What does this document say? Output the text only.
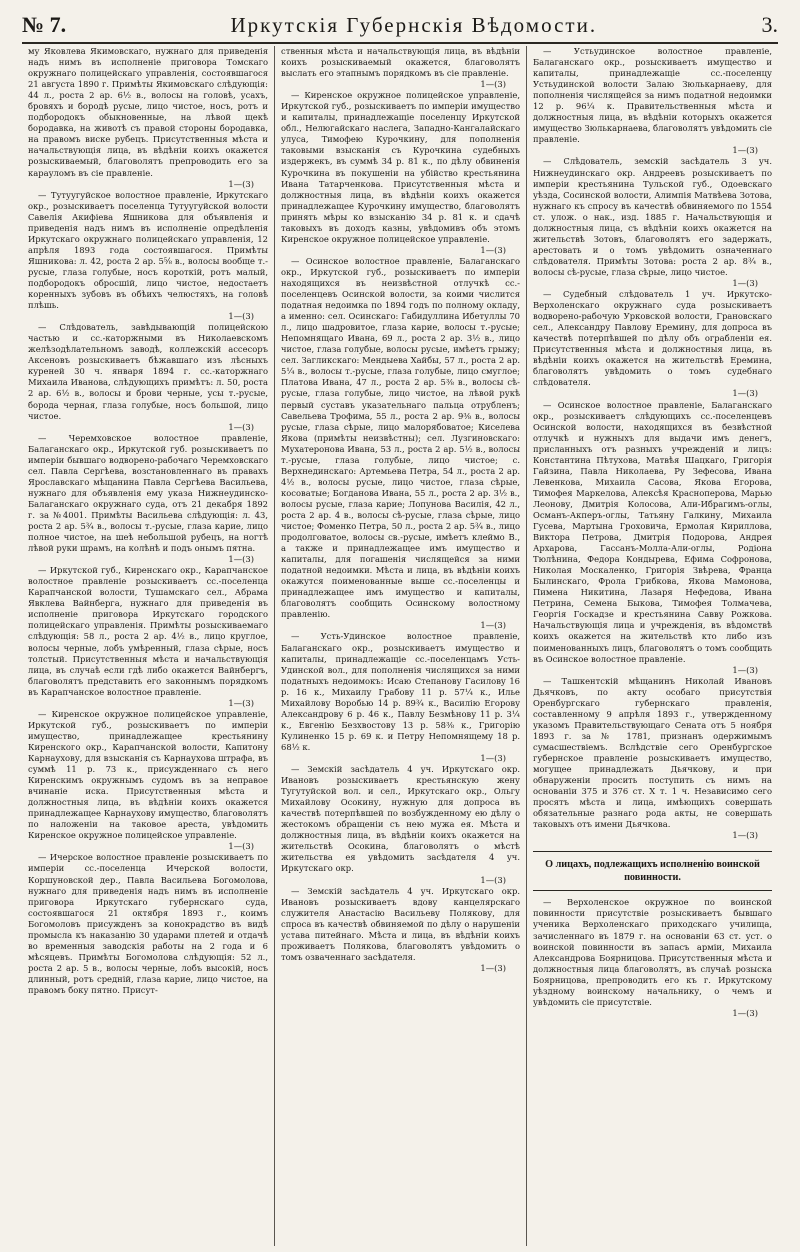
№ 7.	Иркутскія Губернскія Вѣдомости.	3.

му Яковлева Якимовскаго, нужнаго для приведенія надъ нимъ въ исполненіе приговора Томскаго окружнаго полицейскаго управленія, состоявшагося 21 августа 1890 г. Примѣты Якимовскаго слѣдующія: 44 л., роста 2 ар. 6½ в., волосы на головѣ, усахъ, бровяхъ и бородѣ русые, лицо чистое, носъ, ротъ и подбородокъ обыкновенные, на лѣвой щекѣ бородавка, на животѣ съ правой стороны бородавка, на правомъ виске рубецъ. Присутственныя мѣста и начальствующія лица, въ вѣдѣніи коихъ окажется розыскиваемый, благоволятъ препроводить его за карауломъ въ сіе правленіе.

1—(3)

— Тутуугуйское волостное правленіе, Иркутскаго окр., розыскиваетъ поселенца Тутуугуйской волости Савелія Акифіева Яшникова для объявленія и приведенія надъ нимъ въ исполненіе опредѣленія Иркутскаго окружнаго полицейскаго управленія, 12 апрѣля 1893 года состоявшагося. Примѣты Яшникова: л. 42, роста 2 ар. 5⅝ в., волосы вообще т.-русые, глаза голубые, носъ короткій, ротъ малый, подбородокъ обросшій, лицо чистое, недостаетъ коренныхъ зубовъ въ обѣихъ челюстяхъ, на головѣ плѣшь.

1—(3)

— Слѣдователь, завѣдывающій полицейскою частью и сс.-каторжными въ Николаевскомъ желѣзодѣлательномъ заводѣ, коллежскій ассесоръ Аксеновъ розыскиваетъ бѣжавшаго изъ лѣсныхъ куреней 30 ч. января 1894 г. сс.-каторжнаго Михаила Иванова, слѣдующихъ примѣтъ: л. 50, роста 2 ар. 6½ в., волосы и брови черные, усы т.-русые, борода черная, глаза голубые, носъ большой, лицо чистое.

1—(3)

— Черемховское волостное правленіе, Балаганскаго окр., Иркутской губ. розыскиваетъ по имперіи бывшаго водворено-рабочаго Черемховскаго сел. Павла Сергѣева, возстановленнаго въ правахъ Ярославскаго мѣщанина Павла Сергѣева Васильева, нужнаго для объявленія ему указа Нижнеудинско-Балаганскаго окружнаго суда, отъ 21 декабря 1892 г. за №4001. Примѣты Васильева слѣдующія: л. 43, роста 2 ар. 5¾ в., волосы т.-русые, глаза карие, лицо полное чистое, на шеѣ небольшой рубецъ, на ногтѣ лѣвой руки шрамъ, на колѣнѣ и подъ онымъ пятна.

1—(3)

— Иркутской губ., Киренскаго окр., Карапчанское волостное правленіе розыскиваетъ сс.-поселенца Карапчанской волости, Тушамскаго сел., Абрама Явклева Вайнберга, нужнаго для приведенія въ исполненіе приговора Иркутскаго городского полицейскаго управленія. Примѣты розыскиваемаго слѣдующія: 58 л., роста 2 ар. 4½ в., лицо круглое, волосы черные, лобъ умѣренный, глаза сѣрые, носъ толстый. Присутственныя мѣста и начальствующія лица, въ случаѣ если гдѣ либо окажется Вайнбергъ, благоволятъ представить его законнымъ порядкомъ въ Карапчанское волостное правленіе.

1—(3)

— Киренское окружное полицейское управленіе, Иркутской губ., розыскиваетъ по имперіи имущество, принадлежащее крестьянину Киренского окр., Карапчанской волости, Капитону Карнаухову, для взысканія съ Карнаухова штрафа, въ суммѣ 11 р. 73 к., присужденнаго съ него Киренскимъ окружнымъ судомъ въ за неправое вчинаніе иска. Присутственныя мѣста и должностныя лица, въ вѣдѣніи коихъ окажется принадлежащее Карнаухову имущество, благоволятъ по наложеніи на таковое ареста, увѣдомить Киренское окружное полицейское управленіе.

1—(3)

— Ичерское волостное правленіе розыскиваетъ по имперіи сс.-поселенца Ичерской волости, Коршуновской дер., Павла Васильева Богомолова, нужнаго для приведенія надъ нимъ въ исполненіе приговора Иркутскаго губернскаго суда, состоявшагося 21 октября 1893 г., коимъ Богомоловъ присужденъ за конокрадство въ видѣ промысла къ наказанію 30 ударами плетей и отдачѣ во временныя заводскія работы на 2 года и 6 мѣсяцевъ. Примѣты Богомолова слѣдующія: 52 л., роста 2 ар. 5 в., волосы черные, лобъ высокій, носъ длинный, ротъ средній, глаза карие, лицо чистое, на правомъ боку пятно. Присут-

ственныя мѣста и начальствующія лица, въ вѣдѣніи коихъ розыскиваемый окажется, благоволятъ выслать его этапнымъ порядкомъ въ сіе правленіе.

1—(3)

— Киренское окружное полицейское управленіе, Иркутской губ., розыскиваетъ по имперіи имущество и капиталы, принадлежащіе поселенцу Иркутской обл., Нелюгайскаго наслега, Западно-Кангалайскаго улуса, Тимофею Курочкину, для пополненія таковыми взысканія съ Курочкина судебныхъ издержекъ, въ суммѣ 34 р. 81 к., по дѣлу обвиненія Курочкина въ покушеніи на убійство крестьянина Ивана Татарченкова. Присутственныя мѣста и должностныя лица, въ вѣдѣніи коихъ окажется принадлежащее Курочкину имущество, благоволятъ принять мѣры ко взысканію 34 р. 81 к. и сдачѣ таковыхъ въ доходъ казны, увѣдомивъ объ этомъ Киренское окружное полицейское управленіе.

1—(3)

— Осинское волостное правленіе, Балаганскаго окр., Иркутской губ., розыскиваетъ по имперіи находящихся въ неизвѣстной отлучкѣ сс.-поселенцевъ Осинской волости, за коими числится податная недоимка по 1894 годъ по полному окладу, а именно: сел. Осинскаго: Габидуллина Ибетуллы 70 л., лицо шадровитое, глаза карие, волосы т.-русые; Непомнящаго Ивана, 69 л., роста 2 ар. 3½ в., лицо чистое, глаза голубые, волосы русые, имѣетъ грыжу; сел. Загликскаго: Мендыева Хайбы, 57 л., роста 2 ар. 5¼ в., волосы т.-русые, глаза голубые, лицо смуглое; Платова Ивана, 47 л., роста 2 ар. 5⅜ в., волосы сѣ-русые, глаза голубые, лицо чистое, на лѣвой рукѣ первый суставъ указательнаго пальца отрубленъ; Савельева Трофима, 55 л., роста 2 ар. 9⅜ в., волосы русые, глаза сѣрые, лицо малорябоватое; Киселева Якова (примѣты неизвѣстны); сел. Лузгиновскаго: Мухатеронова Ивана, 53 л., роста 2 ар. 5½ в., волосы т.-русые, глаза голубые, лицо чистое; с. Верхнединскаго: Артемьева Петра, 54 л., роста 2 ар. 4½ в., волосы русые, лицо чистое, глаза сѣрые, косоватые; Богданова Ивана, 55 л., роста 2 ар. 3½ в., волосы русые, глаза карие; Лопунова Василія, 42 л., роста 2 ар. 4 в., волосы сѣ-русые, глаза сѣрые, лицо чистое; Фоменко Петра, 50 л., роста 2 ар. 5¾ в., лицо продолговатое, волосы св.-русые, имѣетъ клеймо В., а также и принадлежащее имъ имущество и капиталы, для погашенія числящейся за ними податной недоимки. Мѣста и лица, въ вѣдѣніи коихъ окажутся поименованные выше сс.-поселенцы и принадлежащее имъ имущество и капиталы, благоволятъ сообщить Осинскому волостному правленію.

1—(3)

— Усть-Удинское волостное правленіе, Балаганскаго окр., розыскиваетъ имущество и капиталы, принадлежащіе сс.-поселенцамъ Усть-Удинской вол., для пополненія числящихся за ними податныхъ недоимокъ: Исаю Степанову Гасилову 16 р. 16 к., Михаилу Грабову 11 р. 57¼ к., Илье Михайлову Воробью 14 р. 89¾ к., Василію Егорову Александрову 6 р. 46 к., Павлу Безмѣнову 11 р. 3¼ к., Евгенію Безхвостову 13 р. 58⅜ к., Григорію Кулиненко 15 р. 69 к. и Петру Непомнящему 18 р. 68½ к.

1—(3)

— Земскій засѣдатель 4 уч. Иркутскаго окр. Ивановъ розыскиваетъ крестьянскую жену Тугутуйской вол. и сел., Иркутскаго окр., Ольгу Михайлову Осокину, нужную для допроса въ качествѣ потерпѣвшей по возбужденному ею дѣлу о жестокомъ обращеніи съ нею мужа ея. Мѣста и должностныя лица, въ вѣдѣніи коихъ окажется на жительствѣ Осокина, благоволятъ о мѣстѣ жительства ея увѣдомить засѣдателя 4 уч. Иркутскаго окр.

1—(3)

— Земскій засѣдатель 4 уч. Иркутскаго окр. Ивановъ розыскиваетъ вдову канцелярскаго служителя Анастасію Васильеву Полякову, для спроса въ качествѣ обвиняемой по дѣлу о нарушеніи устава питейнаго. Мѣста и лица, въ вѣдѣніи коихъ проживаетъ Полякова, благоволятъ увѣдомить о томъ озваченнаго засѣдателя.

1—(3)

— Устьудинское волостное правленіе, Балаганскаго окр., розыскиваетъ имущество и капиталы, принадлежащіе сс.-поселенцу Устьудинской волости Залаю Зюлькарнаеву, для пополненія числящейся за нимъ податной недоимки 12 р. 96¼ к. Правительственныя мѣста и должностныя лица, въ вѣдѣніи которыхъ окажется имущество Зюлькарнаева, благоволятъ увѣдомить сіе правленіе.

1—(3)

— Слѣдователь, земскій засѣдатель 3 уч. Нижнеудинскаго окр. Андреевъ розыскиваетъ по имперіи крестьянина Тульской губ., Одоевскаго уѣзда, Сосинской волости, Алимпія Матвѣева Зотова, нужнаго къ спросу въ качествѣ обвиняемого по 1554 ст. улож. о нак., изд. 1885 г. Начальствующія и должностныя лица, съ вѣдѣніи коихъ окажется на жительствѣ Зотовъ, благоволятъ его задержать, арестовать и о томъ увѣдомить означеннаго слѣдователя. Примѣты Зотова: роста 2 ар. 8¾ в., волосы сѣ-русые, глаза сѣрые, лицо чистое.

1—(3)

— Судебный слѣдователь 1 уч. Иркутско-Верхоленскаго окружнаго суда розыскиваетъ водворено-рабочую Урковской волости, Грановскаго сел., Александру Павлову Еремину, для допроса въ качествѣ потерпѣвшей по дѣлу объ ограбленіи ея. Присутственныя мѣста и должностныя лица, въ вѣдѣніи коихъ окажется на жительствѣ Еремина, благоволятъ увѣдомить о томъ судебнаго слѣдователя.

1—(3)

— Осинское волостное правленіе, Балаганскаго окр., розыскиваетъ слѣдующихъ сс.-поселенцевъ Осинской волости, находящихся въ безвѣстной отлучкѣ и нужныхъ для выдачи имъ денегъ, присланныхъ отъ разныхъ учрежденій и лицъ: Константина Пѣтухова, Матвѣя Шацкаго, Григорія Гайзина, Павла Николаева, Ру Зефесова, Ивана Левенкова, Михаила Сасова, Якова Егорова, Тимофея Маркелова, Алексѣя Красноперова, Марью Леонову, Дмитрія Колосова, Али-Ибрагимъ-оглы, Османъ-Акперъ-оглы, Татьяну Галкину, Михаила Гусева, Мартына Гроховича, Ермолая Кириллова, Виктора Петрова, Дмитрія Подорова, Андрея Архарова, Гассанъ-Молла-Али-оглы, Родіона Тюлѣнина, Федора Кондырева, Ефима Софронова, Николая Москаленко, Григорія Звѣрева, Франца Былинскаго, Фрола Грибкова, Якова Мамонова, Пимена Никитина, Лазаря Нефедова, Ивана Петрина, Семена Быкова, Тимофея Толмачева, Георгія Госкадзе и крестьянина Савву Рожкова. Начальствующія лица и учрежденія, въ вѣдомствѣ коихъ окажется на жительствѣ кто либо изъ поименованныхъ лицъ, благоволятъ о томъ сообщить въ Осинское волостное правленіе.

1—(3)

— Ташкентскій мѣщанинъ Николай Ивановъ Дьячковъ, по акту особаго присутствія Оренбургскаго губернскаго правленія, составленному 9 апрѣля 1893 г., утвержденному указомъ Правительствующаго Сената отъ 5 ноября 1893 г. за № 1781, признанъ одержимымъ сумасшествіемъ. Вслѣдствіе сего Оренбургское губернское правленіе розыскиваетъ имущество, могущее принадлежать Дьячкову, и при обнаруженіи просить поступить съ нимъ на основаніи 375 и 376 ст. Х т. 1 ч. Независимо сего просятъ мѣста и лица, имѣющихъ совершать обязательные разнаго рода акты, не совершать таковыхъ отъ имени Дьячкова.

1—(3)
О лицахъ, подлежащихъ исполненію воинской повинности.

— Верхоленское окружное по воинской повинности присутствіе розыскиваетъ бывшаго ученика Верхоленскаго приходскаго училища, зачисленнаго въ 1879 г. на основаніи 63 ст. уст. о воинской повинности въ запасъ арміи, Михаила Александрова Боярницова. Присутственныя мѣста и должностныя лица благоволятъ, въ случаѣ розыска Боярницова, препроводить его къ г. Иркутскому уѣздному воинскому начальнику, о чемъ и увѣдомить сіе присутствіе.

1—(3)
